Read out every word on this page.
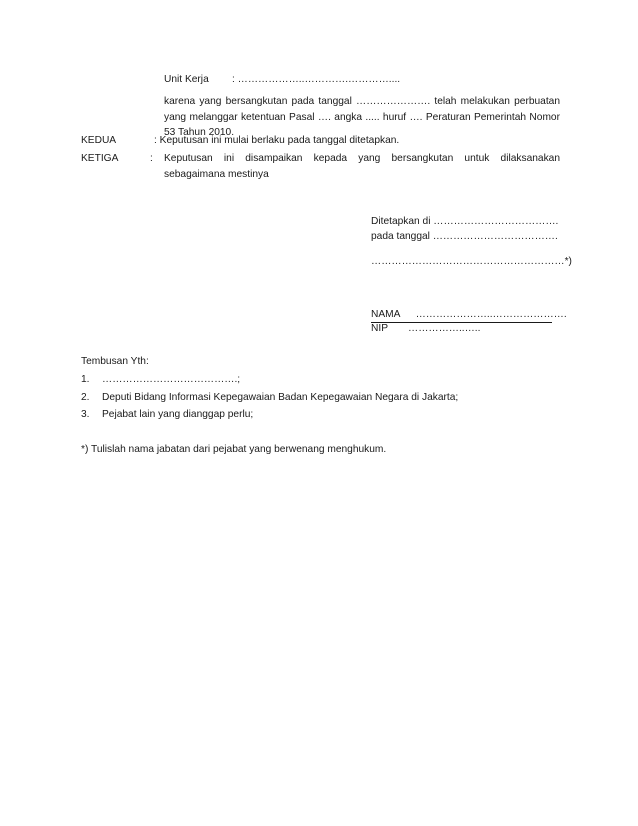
Unit Kerja : ………………..………….…………....
karena yang bersangkutan pada tanggal …………………. telah melakukan perbuatan yang melanggar ketentuan Pasal …. angka ..... huruf …. Peraturan Pemerintah Nomor 53 Tahun 2010.
KEDUA	: Keputusan ini mulai berlaku pada tanggal ditetapkan.
KETIGA	: Keputusan ini disampaikan kepada yang bersangkutan untuk dilaksanakan sebagaimana mestinya
Ditetapkan di ……………………………….
pada tanggal ……………………………….
…………………………………………………*)
NAMA …………………..………………….
NIP ……………..…..
Tembusan Yth:
1. ………………………………….;
2. Deputi Bidang Informasi Kepegawaian Badan Kepegawaian Negara di Jakarta;
3. Pejabat lain yang dianggap perlu;
*) Tulislah nama jabatan dari pejabat yang berwenang menghukum.
